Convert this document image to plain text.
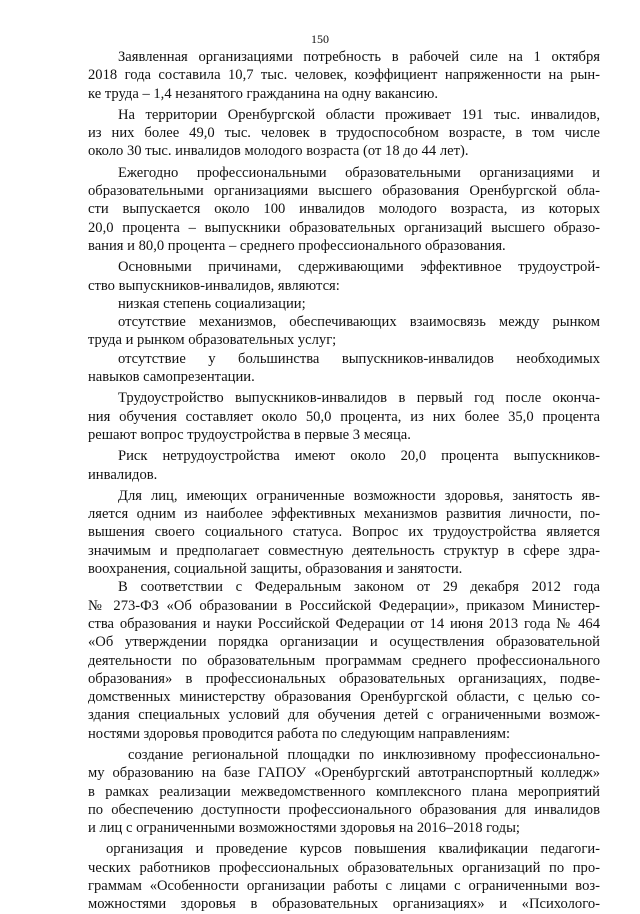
150
Заявленная организациями потребность в рабочей силе на 1 октября
2018 года составила 10,7 тыс. человек, коэффициент напряженности на рын-
ке труда – 1,4 незанятого гражданина на одну вакансию.
На территории Оренбургской области проживает 191 тыс. инвалидов,
из них более 49,0 тыс. человек в трудоспособном возрасте, в том числе
около 30 тыс. инвалидов молодого возраста (от 18 до 44 лет).
Ежегодно профессиональными образовательными организациями и
образовательными организациями высшего образования Оренбургской обла-
сти выпускается около 100 инвалидов молодого возраста, из которых
20,0 процента – выпускники образовательных организаций высшего образо-
вания и 80,0 процента – среднего профессионального образования.
Основными причинами, сдерживающими эффективное трудоустрой-
ство выпускников-инвалидов, являются:
низкая степень социализации;
отсутствие механизмов, обеспечивающих взаимосвязь между рынком
труда и рынком образовательных услуг;
отсутствие у большинства выпускников-инвалидов необходимых
навыков самопрезентации.
Трудоустройство выпускников-инвалидов в первый год после оконча-
ния обучения составляет около 50,0 процента, из них более 35,0 процента
решают вопрос трудоустройства в первые 3 месяца.
Риск нетрудоустройства имеют около 20,0 процента выпускников-
инвалидов.
Для лиц, имеющих ограниченные возможности здоровья, занятость яв-
ляется одним из наиболее эффективных механизмов развития личности, по-
вышения своего социального статуса. Вопрос их трудоустройства является
значимым и предполагает совместную деятельность структур в сфере здра-
воохранения, социальной защиты, образования и занятости.
В соответствии с Федеральным законом от 29 декабря 2012 года
№ 273-ФЗ «Об образовании в Российской Федерации», приказом Министер-
ства образования и науки Российской Федерации от 14 июня 2013 года № 464
«Об утверждении порядка организации и осуществления образовательной
деятельности по образовательным программам среднего профессионального
образования» в профессиональных образовательных организациях, подве-
домственных министерству образования Оренбургской области, с целью со-
здания специальных условий для обучения детей с ограниченными возмож-
ностями здоровья проводится работа по следующим направлениям:
создание региональной площадки по инклюзивному профессионально-
му образованию на базе ГАПОУ «Оренбургский автотранспортный колледж»
в рамках реализации межведомственного комплексного плана мероприятий
по обеспечению доступности профессионального образования для инвалидов
и лиц с ограниченными возможностями здоровья на 2016–2018 годы;
организация и проведение курсов повышения квалификации педагоги-
ческих работников профессиональных образовательных организаций по про-
граммам «Особенности организации работы с лицами с ограниченными воз-
можностями здоровья в образовательных организациях» и «Психолого-
